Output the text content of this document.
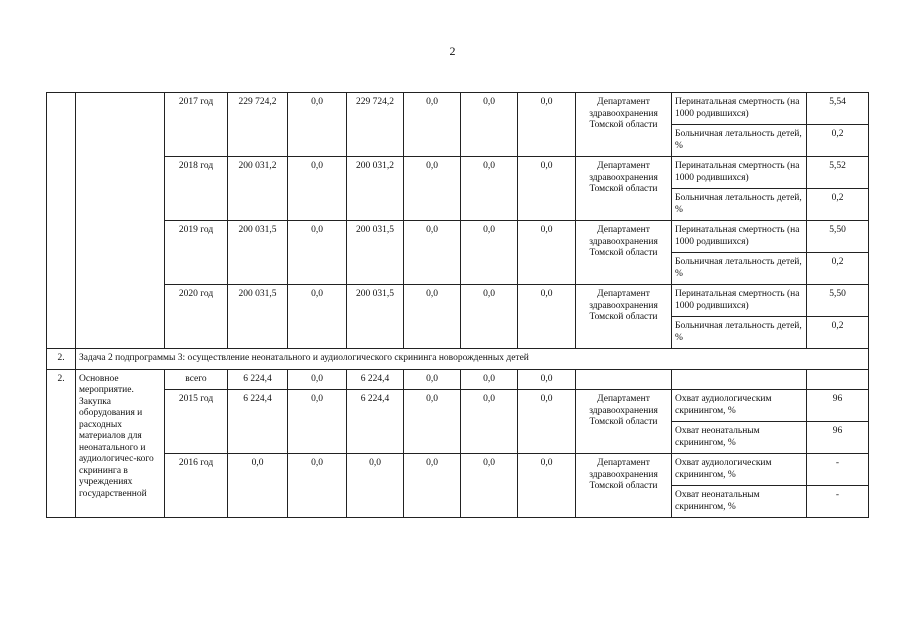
2
		2017 год	229 724,2	0,0	229 724,2	0,0	0,0	0,0	Департамент здравоохранения Томской области	Перинатальная смертность (на 1000 родившихся)	5,54
										Больничная летальность детей, %	0,2
		2018 год	200 031,2	0,0	200 031,2	0,0	0,0	0,0	Департамент здравоохранения Томской области	Перинатальная смертность (на 1000 родившихся)	5,52
										Больничная летальность детей, %	0,2
		2019 год	200 031,5	0,0	200 031,5	0,0	0,0	0,0	Департамент здравоохранения Томской области	Перинатальная смертность (на 1000 родившихся)	5,50
										Больничная летальность детей, %	0,2
		2020 год	200 031,5	0,0	200 031,5	0,0	0,0	0,0	Департамент здравоохранения Томской области	Перинатальная смертность (на 1000 родившихся)	5,50
										Больничная летальность детей, %	0,2
2.	Задача 2 подпрограммы 3: осуществление неонатального и аудиологического скрининга новорожденных детей										
2.	Основное мероприятие. Закупка оборудования и расходных материалов для неонатального и аудиологичес-кого скрининга в учреждениях государственной	всего	6 224,4	0,0	6 224,4	0,0	0,0	0,0			
		2015 год	6 224,4	0,0	6 224,4	0,0	0,0	0,0	Департамент здравоохранения Томской области	Охват аудиологическим скринингом, %	96
										Охват неонатальным скринингом, %	96
		2016 год	0,0	0,0	0,0	0,0	0,0	0,0	Департамент здравоохранения Томской области	Охват аудиологическим скринингом, %	-
										Охват неонатальным скринингом, %	-
